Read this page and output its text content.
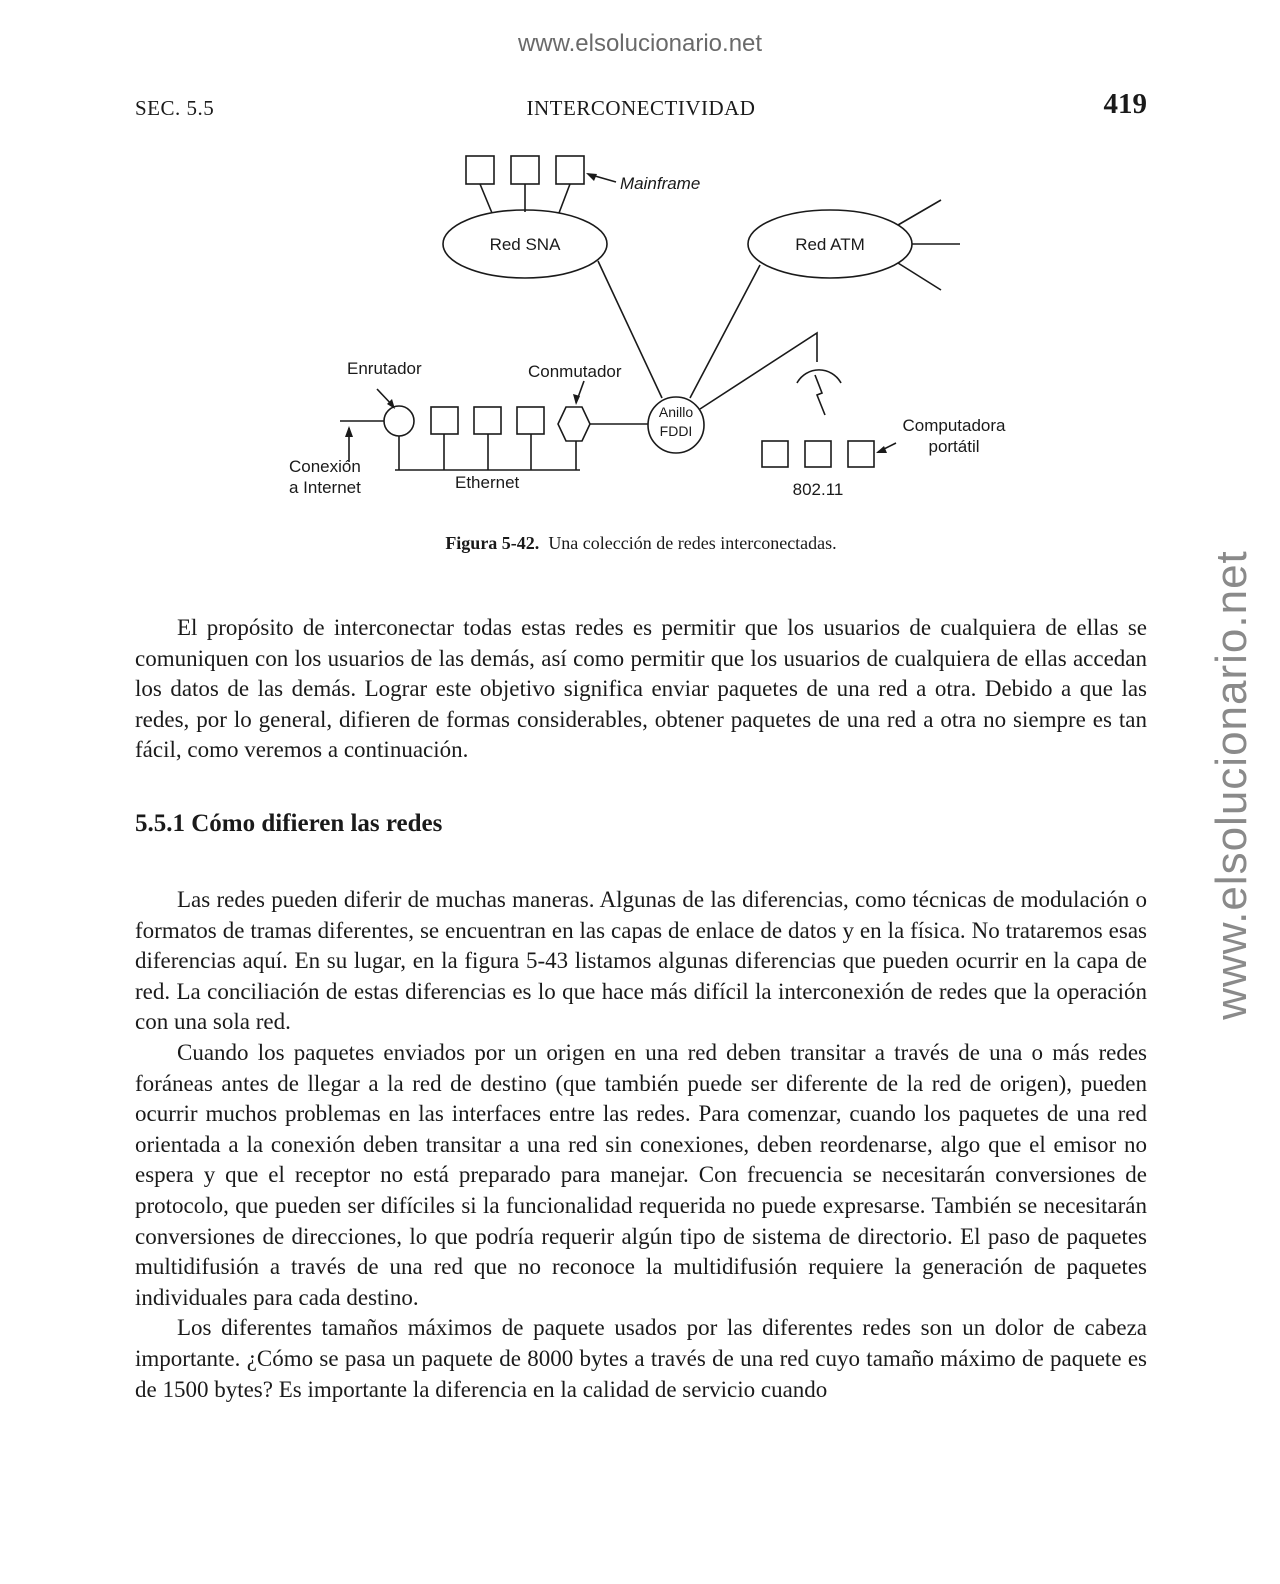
www.elsolucionario.net
www.elsolucionario.net
SEC. 5.5	INTERCONECTIVIDAD	419
Mainframe
Red SNA	Red ATM
Enrutador	Conmutador
Anillo
FDDI	Computadora
portátil
Conexión
a Internet	Ethernet	802.11
Figura 5-42. Una colección de redes interconectadas.

El propósito de interconectar todas estas redes es permitir que los usuarios de cualquiera de ellas se comuniquen con los usuarios de las demás, así como permitir que los usuarios de cualquiera de ellas accedan los datos de las demás. Lograr este objetivo significa enviar paquetes de una red a otra. Debido a que las redes, por lo general, difieren de formas considerables, obtener paquetes de una red a otra no siempre es tan fácil, como veremos a continuación.

5.5.1 Cómo difieren las redes

Las redes pueden diferir de muchas maneras. Algunas de las diferencias, como técnicas de modulación o formatos de tramas diferentes, se encuentran en las capas de enlace de datos y en la física. No trataremos esas diferencias aquí. En su lugar, en la figura 5-43 listamos algunas diferencias que pueden ocurrir en la capa de red. La conciliación de estas diferencias es lo que hace más difícil la interconexión de redes que la operación con una sola red.

Cuando los paquetes enviados por un origen en una red deben transitar a través de una o más redes foráneas antes de llegar a la red de destino (que también puede ser diferente de la red de origen), pueden ocurrir muchos problemas en las interfaces entre las redes. Para comenzar, cuando los paquetes de una red orientada a la conexión deben transitar a una red sin conexiones, deben reordenarse, algo que el emisor no espera y que el receptor no está preparado para manejar. Con frecuencia se necesitarán conversiones de protocolo, que pueden ser difíciles si la funcionalidad requerida no puede expresarse. También se necesitarán conversiones de direcciones, lo que podría requerir algún tipo de sistema de directorio. El paso de paquetes multidifusión a través de una red que no reconoce la multidifusión requiere la generación de paquetes individuales para cada destino.

Los diferentes tamaños máximos de paquete usados por las diferentes redes son un dolor de cabeza importante. ¿Cómo se pasa un paquete de 8000 bytes a través de una red cuyo tamaño máximo de paquete es de 1500 bytes? Es importante la diferencia en la calidad de servicio cuando
